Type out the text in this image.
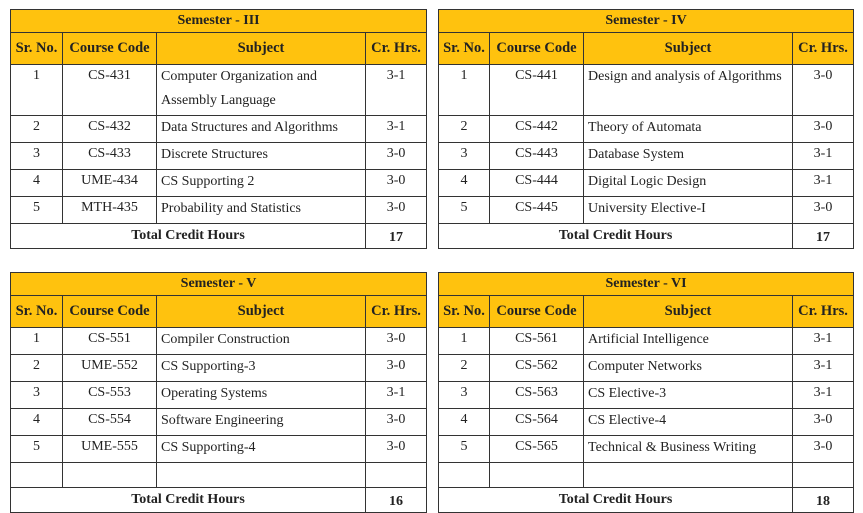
Semester - III			
Sr. No.	Course Code	Subject	Cr. Hrs.
1	CS-431	Computer Organization and Assembly Language	3-1
2	CS-432	Data Structures and Algorithms	3-1
3	CS-433	Discrete Structures	3-0
4	UME-434	CS Supporting 2	3-0
5	MTH-435	Probability and Statistics	3-0
Total Credit Hours			17
Semester - IV			
Sr. No.	Course Code	Subject	Cr. Hrs.
1	CS-441	Design and analysis of Algorithms	3-0
2	CS-442	Theory of Automata	3-0
3	CS-443	Database System	3-1
4	CS-444	Digital Logic Design	3-1
5	CS-445	University Elective-I	3-0
Total Credit Hours			17
Semester - V			
Sr. No.	Course Code	Subject	Cr. Hrs.
1	CS-551	Compiler Construction	3-0
2	UME-552	CS Supporting-3	3-0
3	CS-553	Operating Systems	3-1
4	CS-554	Software Engineering	3-0
5	UME-555	CS Supporting-4	3-0

Total Credit Hours			16
Semester - VI			
Sr. No.	Course Code	Subject	Cr. Hrs.
1	CS-561	Artificial Intelligence	3-1
2	CS-562	Computer Networks	3-1
3	CS-563	CS Elective-3	3-1
4	CS-564	CS Elective-4	3-0
5	CS-565	Technical & Business Writing	3-0

Total Credit Hours			18
